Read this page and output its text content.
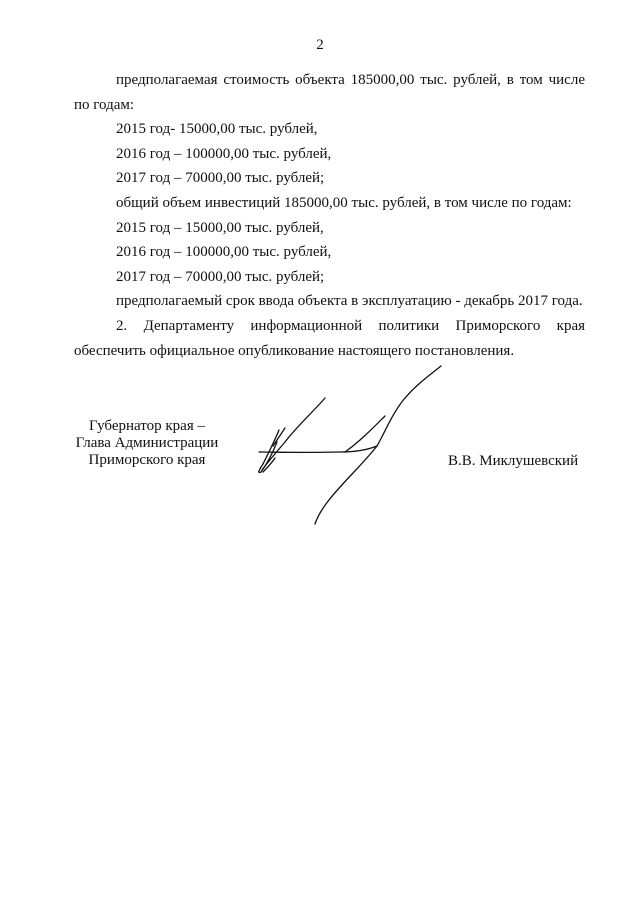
2

предполагаемая стоимость объекта 185000,00 тыс. рублей, в том числе по годам:

2015 год- 15000,00 тыс. рублей,

2016 год – 100000,00 тыс. рублей,

2017 год – 70000,00 тыс. рублей;

общий объем инвестиций 185000,00 тыс. рублей, в том числе по годам:

2015 год – 15000,00 тыс. рублей,

2016 год – 100000,00 тыс. рублей,

2017 год – 70000,00 тыс. рублей;

предполагаемый срок ввода объекта в эксплуатацию - декабрь 2017 года.

2. Департаменту информационной политики Приморского края обеспечить официальное опубликование настоящего постановления.

Губернатор края –
Глава Администрации
Приморского края	В.В. Миклушевский
